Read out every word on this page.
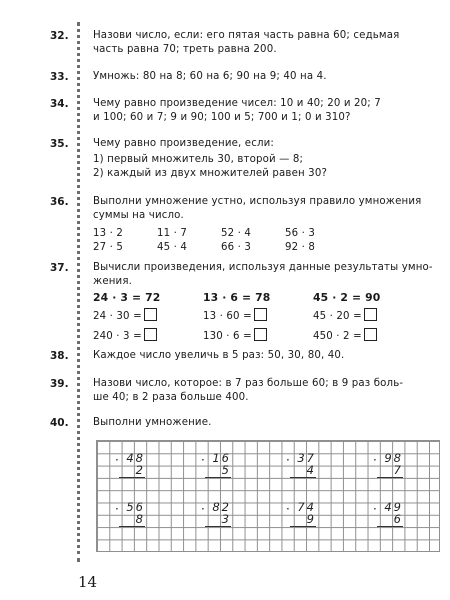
32.	Назови число, если: его пятая часть равна 60; седьмая
часть равна 70; треть равна 200.
33.	Умножь: 80 на 8; 60 на 6; 90 на 9; 40 на 4.
34.	Чему равно произведение чисел: 10 и 40; 20 и 20; 7
и 100; 60 и 7; 9 и 90; 100 и 5; 700 и 1; 0 и 310?
35.	Чему равно произведение, если:
1) первый множитель 30, второй — 8;
2) каждый из двух множителей равен 30?
36.	Выполни умножение устно, используя правило умножения
суммы на число.
13 · 2	11 · 7	52 · 4	56 · 3
27 · 5	45 · 4	66 · 3	92 · 8
37.	Вычисли произведения, используя данные результаты умно-
жения.
24 · 3 = 72	13 · 6 = 78	45 · 2 = 90
24 · 30 =	13 · 60 =	45 · 20 =
240 · 3 =	130 · 6 =	450 · 2 =
38.	Каждое число увеличь в 5 раз: 50, 30, 80, 40.
39.	Назови число, которое: в 7 раз больше 60; в 9 раз боль-
ше 40; в 2 раза больше 400.
40.	Выполни умножение.
· 48
2
· 16
5
· 37
4
· 98
7
· 56
8
· 82
3
· 74
9
· 49
6
14
